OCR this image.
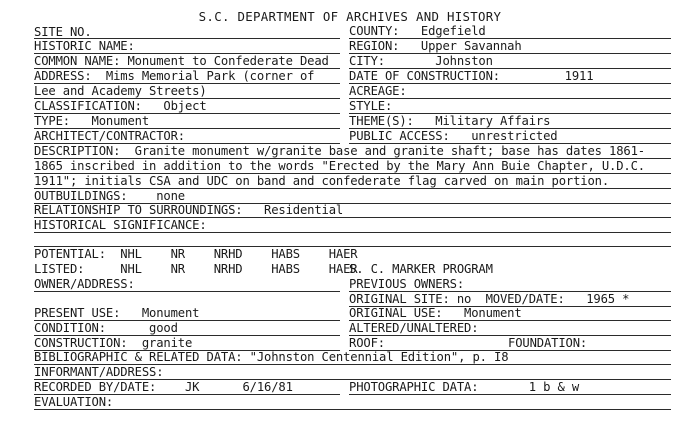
S.C. DEPARTMENT OF ARCHIVES AND HISTORY
SITE NO.	COUNTY:   Edgefield
HISTORIC NAME:	REGION:   Upper Savannah
COMMON NAME: Monument to Confederate Dead CITY:       Johnston
ADDRESS:  Mims Memorial Park (corner of	DATE OF CONSTRUCTION:         1911
Lee and Academy Streets)	ACREAGE:
CLASSIFICATION:   Object	STYLE:
TYPE:   Monument	THEME(S):   Military Affairs
ARCHITECT/CONTRACTOR:	PUBLIC ACCESS:   unrestricted
DESCRIPTION:  Granite monument w/granite base and granite shaft; base has dates 1861-
1865 inscribed in addition to the words "Erected by the Mary Ann Buie Chapter, U.D.C.
1911"; initials CSA and UDC on band and confederate flag carved on main portion.
OUTBUILDINGS:    none
RELATIONSHIP TO SURROUNDINGS:   Residential
HISTORICAL SIGNIFICANCE:
POTENTIAL:  NHL    NR    NRHD    HABS    HAER
LISTED:     NHL    NR    NRHD    HABS    HAER
S. C. MARKER PROGRAM
OWNER/ADDRESS:	PREVIOUS OWNERS:
ORIGINAL SITE: no  MOVED/DATE:   1965 *
PRESENT USE:   Monument	ORIGINAL USE:   Monument
CONDITION:      good	ALTERED/UNALTERED:
CONSTRUCTION:  granite	ROOF:	FOUNDATION:
BIBLIOGRAPHIC & RELATED DATA: "Johnston Centennial Edition", p. I8
INFORMANT/ADDRESS:
RECORDED BY/DATE:    JK      6/16/81	PHOTOGRAPHIC DATA:       1 b & w
EVALUATION:
